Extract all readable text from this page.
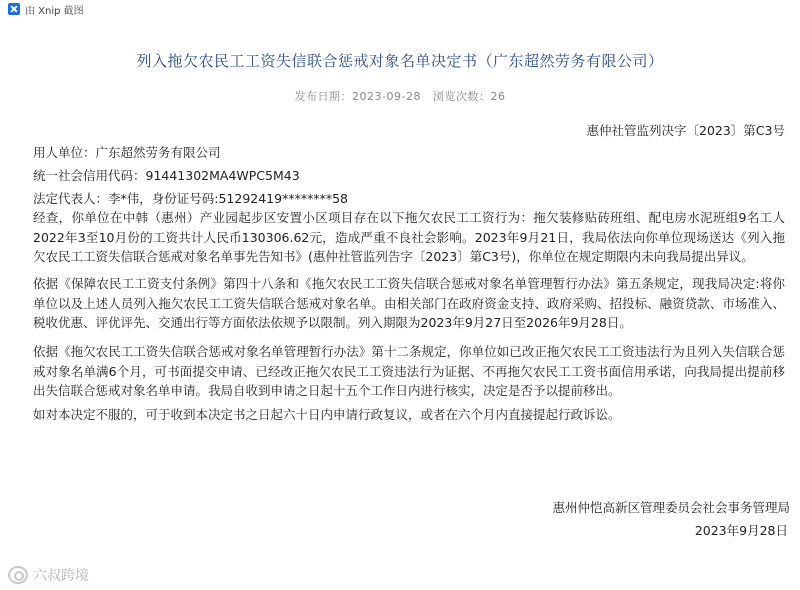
由 Xnip 截图
列入拖欠农民工工资失信联合惩戒对象名单决定书（广东超然劳务有限公司）
发布日期：2023-09-28 浏览次数：26
惠仲社管监列决字〔2023〕第C3号
用人单位：广东超然劳务有限公司
统一社会信用代码：91441302MA4WPC5M43
法定代表人：李*伟，身份证号码:51292419********58
经查，你单位在中韩（惠州）产业园起步区安置小区项目存在以下拖欠农民工工资行为：拖欠装修贴砖班组、配电房水泥班组9名工人2022年3至10月份的工资共计人民币130306.62元，造成严重不良社会影响。2023年9月21日，我局依法向你单位现场送达《列入拖欠农民工工资失信联合惩戒对象名单事先告知书》(惠仲社管监列告字〔2023〕第C3号)，你单位在规定期限内未向我局提出异议。
依据《保障农民工工资支付条例》第四十八条和《拖欠农民工工资失信联合惩戒对象名单管理暂行办法》第五条规定，现我局决定:将你单位以及上述人员列入拖欠农民工工资失信联合惩戒对象名单。由相关部门在政府资金支持、政府采购、招投标、融资贷款、市场准入、税收优惠、评优评先、交通出行等方面依法依规予以限制。列入期限为2023年9月27日至2026年9月28日。
依据《拖欠农民工工资失信联合惩戒对象名单管理暂行办法》第十二条规定，你单位如已改正拖欠农民工工资违法行为且列入失信联合惩戒对象名单满6个月，可书面提交申请、已经改正拖欠农民工工资违法行为证据、不再拖欠农民工工资书面信用承诺，向我局提出提前移出失信联合惩戒对象名单申请。我局自收到申请之日起十五个工作日内进行核实，决定是否予以提前移出。
如对本决定不服的，可于收到本决定书之日起六十日内申请行政复议，或者在六个月内直接提起行政诉讼。
惠州仲恺高新区管理委员会社会事务管理局
2023年9月28日
六叔跨境
